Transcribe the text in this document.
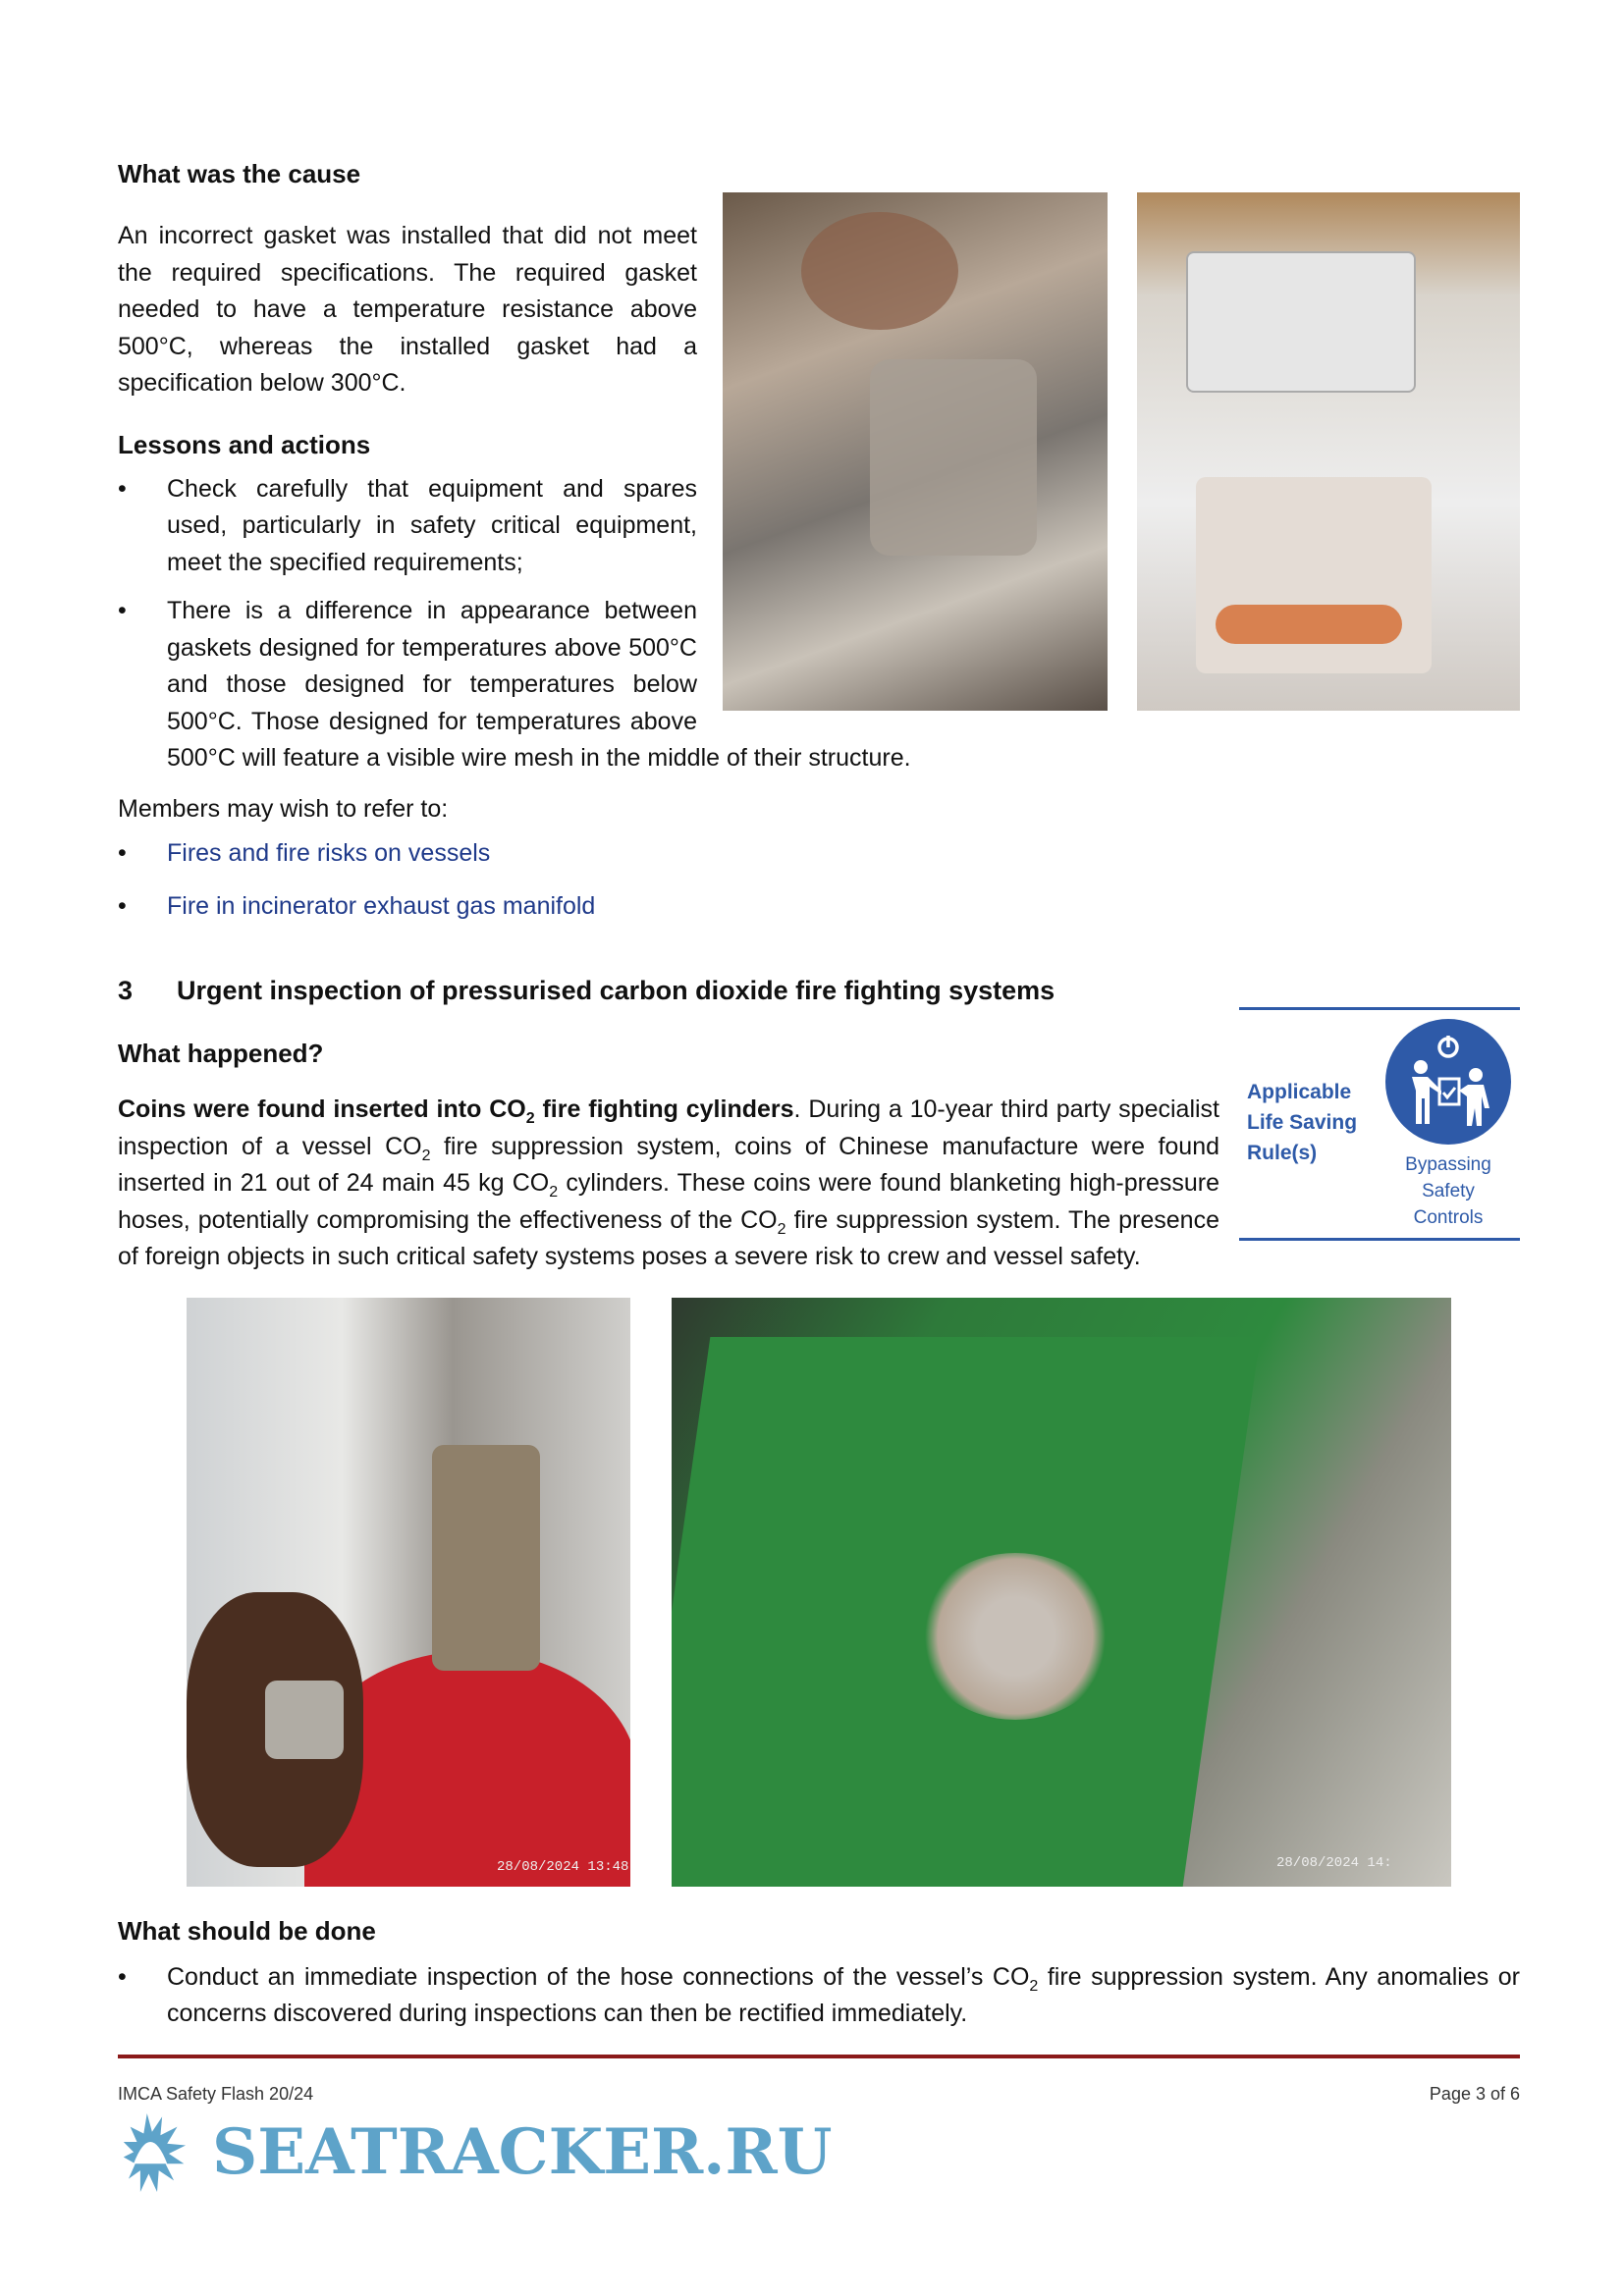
What was the cause

An incorrect gasket was installed that did not meet the required specifications. The required gasket needed to have a temperature resistance above 500°C, whereas the installed gasket had a specification below 300°C.

Lessons and actions
• Check carefully that equipment and spares used, particularly in safety critical equipment, meet the specified requirements;
• There is a difference in appearance between gaskets designed for temperatures above 500°C and those designed for temperatures below 500°C. Those designed for temperatures above 500°C will feature a visible wire mesh in the middle of their structure.

Members may wish to refer to:

• Fires and fire risks on vessels
• Fire in incinerator exhaust gas manifold
3 Urgent inspection of pressurised carbon dioxide fire fighting systems
Applicable
Life Saving
Rule(s)
Bypassing
Safety
Controls
What happened?

Coins were found inserted into $CO_2$ fire fighting cylinders. During a 10-year third party specialist inspection of a vessel $CO_2$ fire suppression system, coins of Chinese manufacture were found inserted in 21 out of 24 main 45 kg $CO_2$ cylinders. These coins were found blanketing high-pressure hoses, potentially compromising the effectiveness of the $CO_2$ fire suppression system. The presence of foreign objects in such critical safety systems poses a severe risk to crew and vessel safety.

28/08/2024 13:48	28/08/2024 14:
What should be done
• Conduct an immediate inspection of the hose connections of the vessel’s $CO_2$ fire suppression system. Any anomalies or concerns discovered during inspections can then be rectified immediately.
IMCA Safety Flash 20/24	Page 3 of 6
SEATRACKER.RU
